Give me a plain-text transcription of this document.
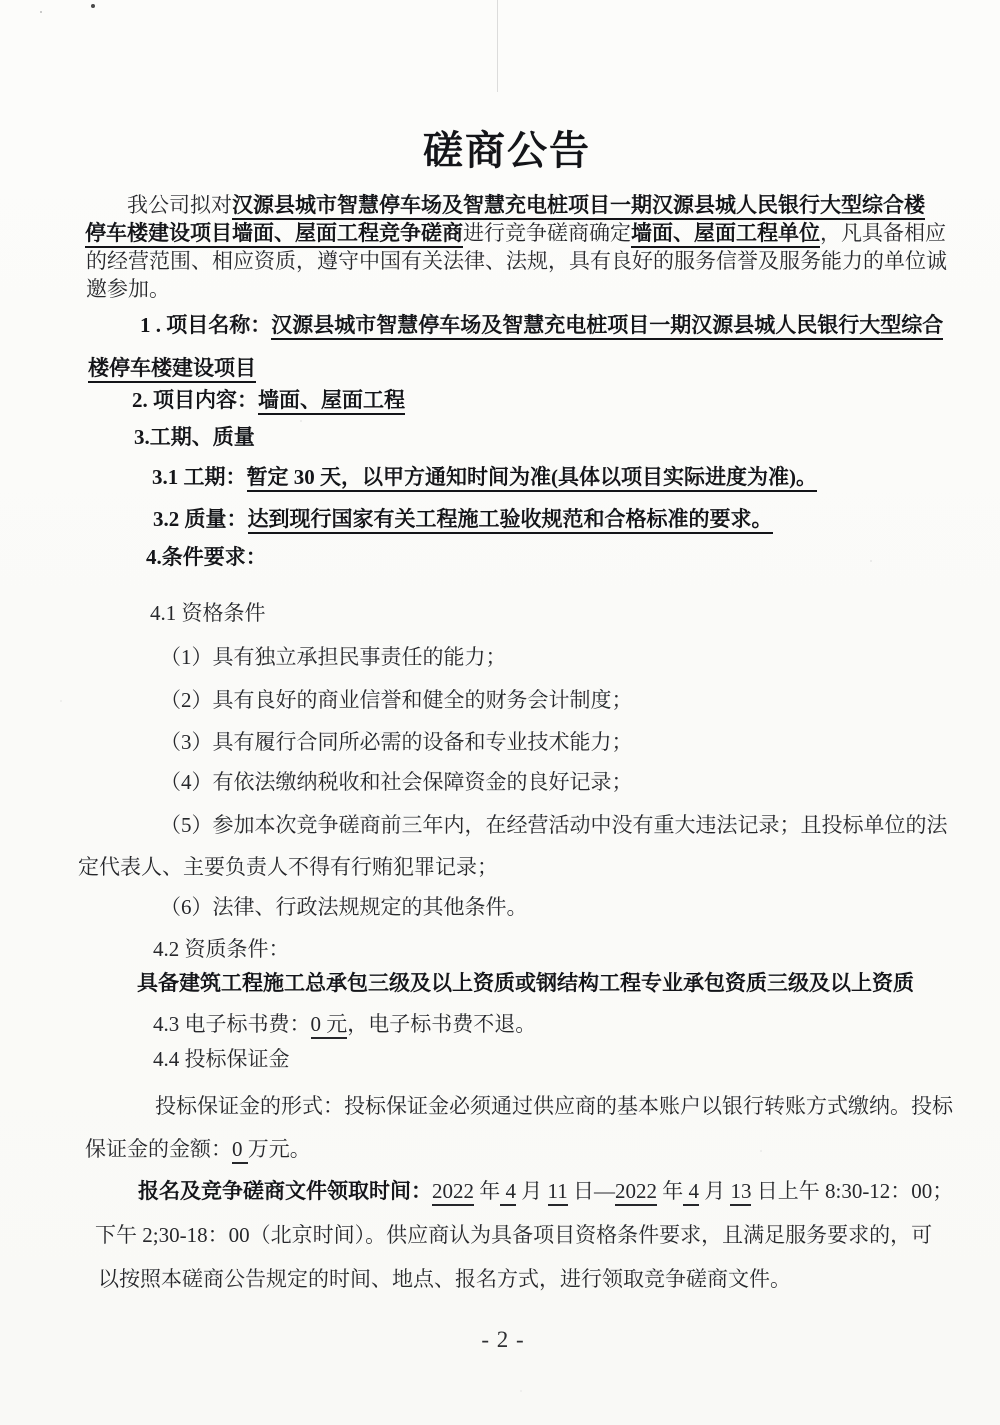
磋商公告
我公司拟对汉源县城市智慧停车场及智慧充电桩项目一期汉源县城人民银行大型综合楼
停车楼建设项目墙面、屋面工程竞争磋商进行竞争磋商确定墙面、屋面工程单位，凡具备相应
的经营范围、相应资质，遵守中国有关法律、法规，具有良好的服务信誉及服务能力的单位诚
邀参加。
1 . 项目名称：汉源县城市智慧停车场及智慧充电桩项目一期汉源县城人民银行大型综合
楼停车楼建设项目
2. 项目内容：墙面、屋面工程
3.工期、质量
3.1 工期：暂定 30 天，以甲方通知时间为准(具体以项目实际进度为准)。
3.2 质量：达到现行国家有关工程施工验收规范和合格标准的要求。
4.条件要求：
4.1 资格条件
（1）具有独立承担民事责任的能力；
（2）具有良好的商业信誉和健全的财务会计制度；
（3）具有履行合同所必需的设备和专业技术能力；
（4）有依法缴纳税收和社会保障资金的良好记录；
（5）参加本次竞争磋商前三年内，在经营活动中没有重大违法记录；且投标单位的法
定代表人、主要负责人不得有行贿犯罪记录；
（6）法律、行政法规规定的其他条件。
4.2 资质条件：
具备建筑工程施工总承包三级及以上资质或钢结构工程专业承包资质三级及以上资质
4.3 电子标书费：0 元，电子标书费不退。
4.4 投标保证金
投标保证金的形式：投标保证金必须通过供应商的基本账户以银行转账方式缴纳。投标
保证金的金额：0 万元。
报名及竞争磋商文件领取时间：2022 年 4 月 11 日—2022 年 4 月 13 日上午 8:30-12：00；
下午 2;30-18：00（北京时间）。供应商认为具备项目资格条件要求，且满足服务要求的，可
以按照本磋商公告规定的时间、地点、报名方式，进行领取竞争磋商文件。
- 2 -
